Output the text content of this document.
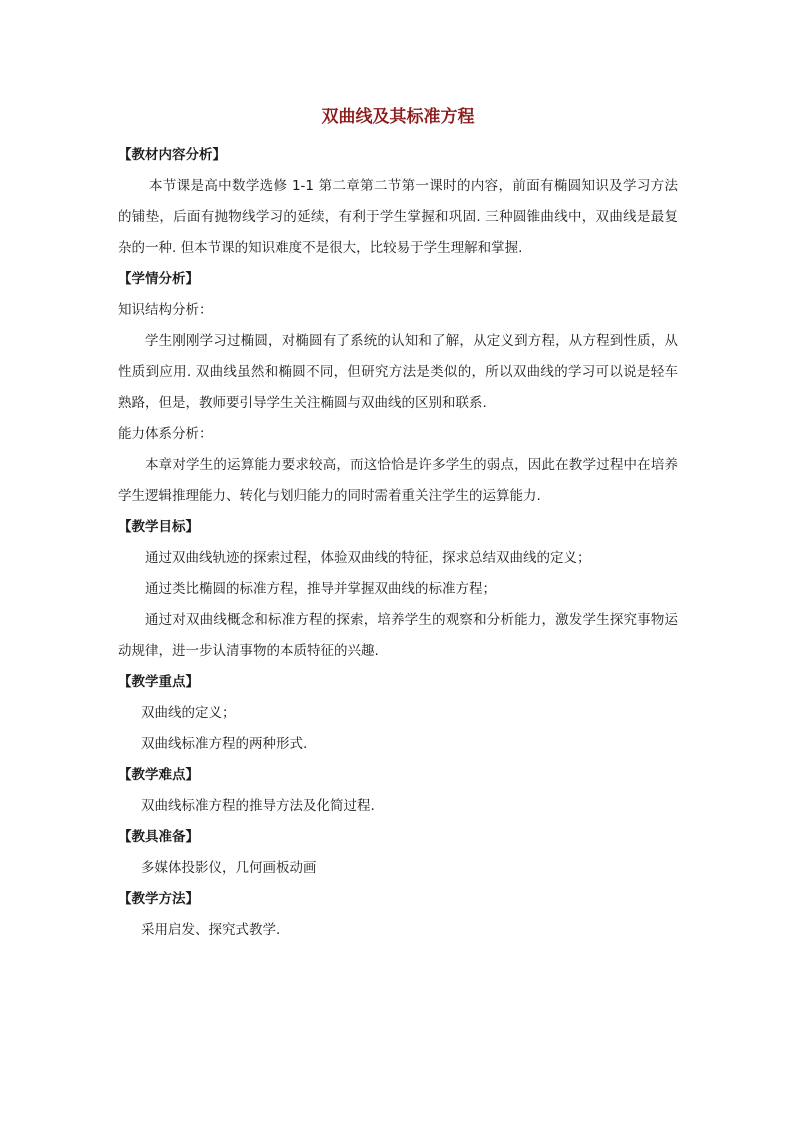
双曲线及其标准方程

【教材内容分析】

本节课是高中数学选修 1-1 第二章第二节第一课时的内容，前面有椭圆知识及学习方法的铺垫，后面有抛物线学习的延续，有利于学生掌握和巩固. 三种圆锥曲线中，双曲线是最复杂的一种. 但本节课的知识难度不是很大，比较易于学生理解和掌握.

【学情分析】

知识结构分析：

学生刚刚学习过椭圆，对椭圆有了系统的认知和了解，从定义到方程，从方程到性质，从性质到应用. 双曲线虽然和椭圆不同，但研究方法是类似的，所以双曲线的学习可以说是轻车熟路，但是，教师要引导学生关注椭圆与双曲线的区别和联系.

能力体系分析：

本章对学生的运算能力要求较高，而这恰恰是许多学生的弱点，因此在教学过程中在培养学生逻辑推理能力、转化与划归能力的同时需着重关注学生的运算能力.

【教学目标】

通过双曲线轨迹的探索过程，体验双曲线的特征，探求总结双曲线的定义；

通过类比椭圆的标准方程，推导并掌握双曲线的标准方程；

通过对双曲线概念和标准方程的探索，培养学生的观察和分析能力，激发学生探究事物运动规律，进一步认清事物的本质特征的兴趣.

【教学重点】

双曲线的定义；

双曲线标准方程的两种形式.

【教学难点】

双曲线标准方程的推导方法及化简过程.

【教具准备】

多媒体投影仪，几何画板动画

【教学方法】

采用启发、探究式教学.
